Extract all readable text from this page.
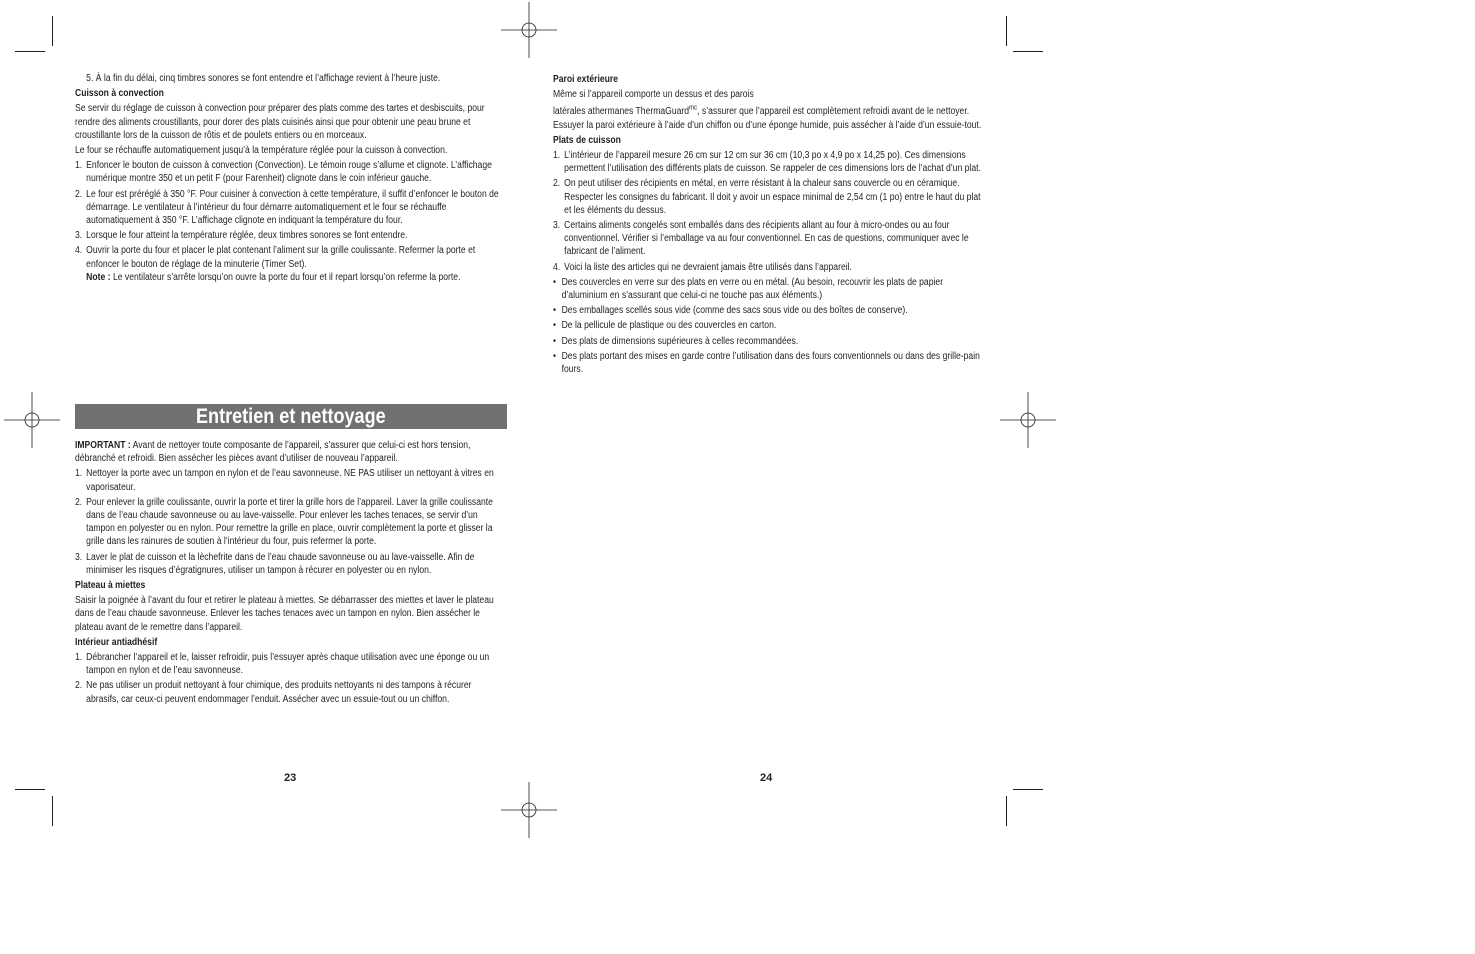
5. À la fin du délai, cinq timbres sonores se font entendre et l’affichage revient à l’heure juste.

Cuisson à convection

Se servir du réglage de cuisson à convection pour préparer des plats comme des tartes et desbiscuits, pour rendre des aliments croustillants, pour dorer des plats cuisinés ainsi que pour obtenir une peau brune et croustillante lors de la cuisson de rôtis et de poulets entiers ou en morceaux.

Le four se réchauffe automatiquement jusqu’à la température réglée pour la cuisson à convection.

1. Enfoncer le bouton de cuisson à convection (Convection). Le témoin rouge s’allume et clignote. L’affichage numérique montre 350 et un petit F (pour Farenheit) clignote dans le coin inférieur gauche.
2. Le four est préréglé à 350 °F. Pour cuisiner à convection à cette température, il suffit d’enfoncer le bouton de démarrage. Le ventilateur à l’intérieur du four démarre automatiquement et le four se réchauffe automatiquement à 350 °F. L’affichage clignote en indiquant la température du four.
3. Lorsque le four atteint la température réglée, deux timbres sonores se font entendre.
4. Ouvrir la porte du four et placer le plat contenant l’aliment sur la grille coulissante. Refermer la porte et enfoncer le bouton de réglage de la minuterie (Timer Set).
Note : Le ventilateur s’arrête lorsqu’on ouvre la porte du four et il repart lorsqu’on referme la porte.
Entretien et nettoyage

IMPORTANT : Avant de nettoyer toute composante de l’appareil, s’assurer que celui-ci est hors tension, débranché et refroidi. Bien assécher les pièces avant d’utiliser de nouveau l’appareil.

1. Nettoyer la porte avec un tampon en nylon et de l’eau savonneuse. NE PAS utiliser un nettoyant à vitres en vaporisateur.
2. Pour enlever la grille coulissante, ouvrir la porte et tirer la grille hors de l’appareil. Laver la grille coulissante dans de l’eau chaude savonneuse ou au lave-vaisselle. Pour enlever les taches tenaces, se servir d’un tampon en polyester ou en nylon. Pour remettre la grille en place, ouvrir complètement la porte et glisser la grille dans les rainures de soutien à l’intérieur du four, puis refermer la porte.
3. Laver le plat de cuisson et la lèchefrite dans de l’eau chaude savonneuse ou au lave-vaisselle. Afin de minimiser les risques d’égratignures, utiliser un tampon à récurer en polyester ou en nylon.

Plateau à miettes

Saisir la poignée à l’avant du four et retirer le plateau à miettes. Se débarrasser des miettes et laver le plateau dans de l’eau chaude savonneuse. Enlever les taches tenaces avec un tampon en nylon. Bien assécher le plateau avant de le remettre dans l’appareil.

Intérieur antiadhésif

1. Débrancher l’appareil et le, laisser refroidir, puis l’essuyer après chaque utilisation avec une éponge ou un tampon en nylon et de l’eau savonneuse.
2. Ne pas utiliser un produit nettoyant à four chimique, des produits nettoyants ni des tampons à récurer abrasifs, car ceux-ci peuvent endommager l’enduit. Assécher avec un essuie-tout ou un chiffon.
23

Paroi extérieure

Même si l’appareil comporte un dessus et des parois

latérales athermanes ThermaGuard$^{mc}$, s’assurer que l’appareil est complètement refroidi avant de le nettoyer. Essuyer la paroi extérieure à l’aide d’un chiffon ou d’une éponge humide, puis assécher à l’aide d’un essuie-tout.

Plats de cuisson

1. L’intérieur de l’appareil mesure 26 cm sur 12 cm sur 36 cm (10,3 po x 4,9 po x 14,25 po). Ces dimensions permettent l’utilisation des différents plats de cuisson. Se rappeler de ces dimensions lors de l’achat d’un plat.
2. On peut utiliser des récipients en métal, en verre résistant à la chaleur sans couvercle ou en céramique. Respecter les consignes du fabricant. Il doit y avoir un espace minimal de 2,54 cm (1 po) entre le haut du plat et les éléments du dessus.
3. Certains aliments congelés sont emballés dans des récipients allant au four à micro-ondes ou au four conventionnel. Vérifier si l’emballage va au four conventionnel. En cas de questions, communiquer avec le fabricant de l’aliment.
4. Voici la liste des articles qui ne devraient jamais être utilisés dans l’appareil.
• Des couvercles en verre sur des plats en verre ou en métal. (Au besoin, recouvrir les plats de papier d’aluminium en s’assurant que celui-ci ne touche pas aux éléments.)
• Des emballages scellés sous vide (comme des sacs sous vide ou des boîtes de conserve).
• De la pellicule de plastique ou des couvercles en carton.
• Des plats de dimensions supérieures à celles recommandées.
• Des plats portant des mises en garde contre l’utilisation dans des fours conventionnels ou dans des grille-pain fours.
24
